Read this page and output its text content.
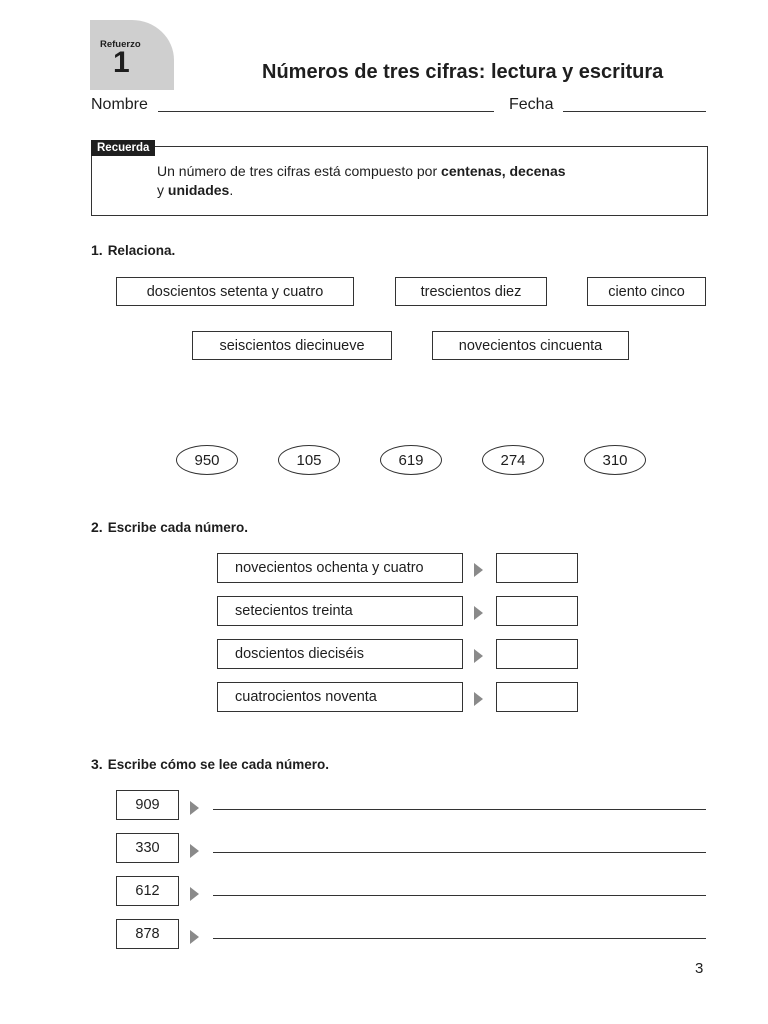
Refuerzo
1	Números de tres cifras: lectura y escritura
Nombre	Fecha
Recuerda
Un número de tres cifras está compuesto por centenas, decenas
y unidades.
1. Relaciona.
doscientos setenta y cuatro	trescientos diez	ciento cinco
seiscientos diecinueve	novecientos cincuenta
950	105	619	274	310
2. Escribe cada número.
novecientos ochenta y cuatro
setecientos treinta
doscientos dieciséis
cuatrocientos noventa
3. Escribe cómo se lee cada número.
909
330
612
878
3
